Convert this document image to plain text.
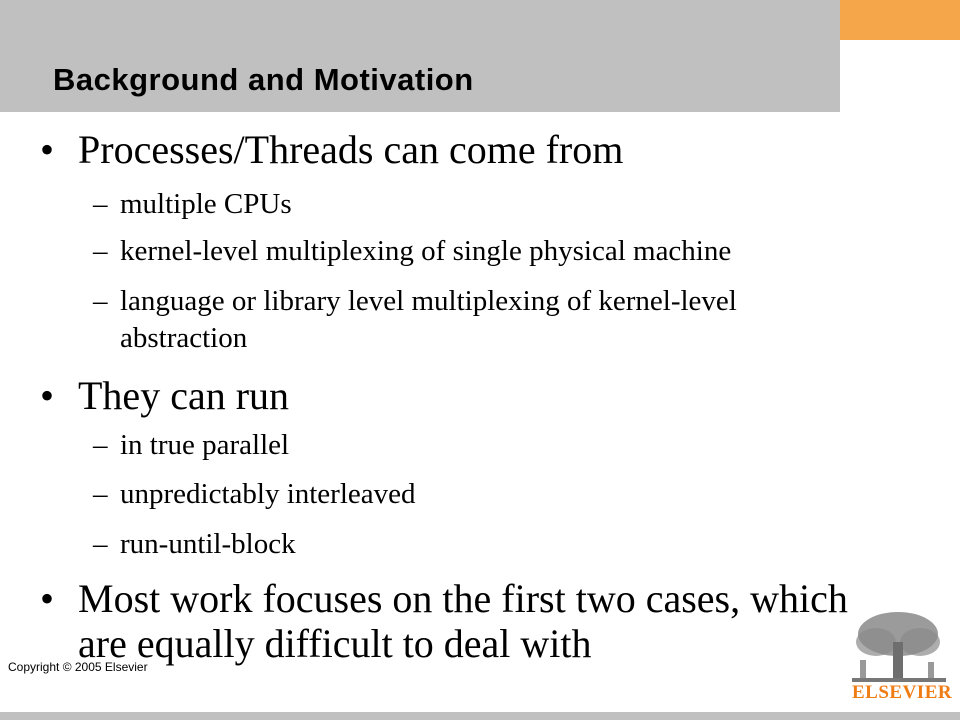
Background and Motivation

• Processes/Threads can come from

– multiple CPUs

– kernel-level multiplexing of single physical machine

– language or library level multiplexing of kernel-level

abstraction

• They can run

– in true parallel

– unpredictably interleaved

– run-until-block

• Most work focuses on the first two cases, which

are equally difficult to deal with

Copyright © 2005 Elsevier

ELSEVIER
